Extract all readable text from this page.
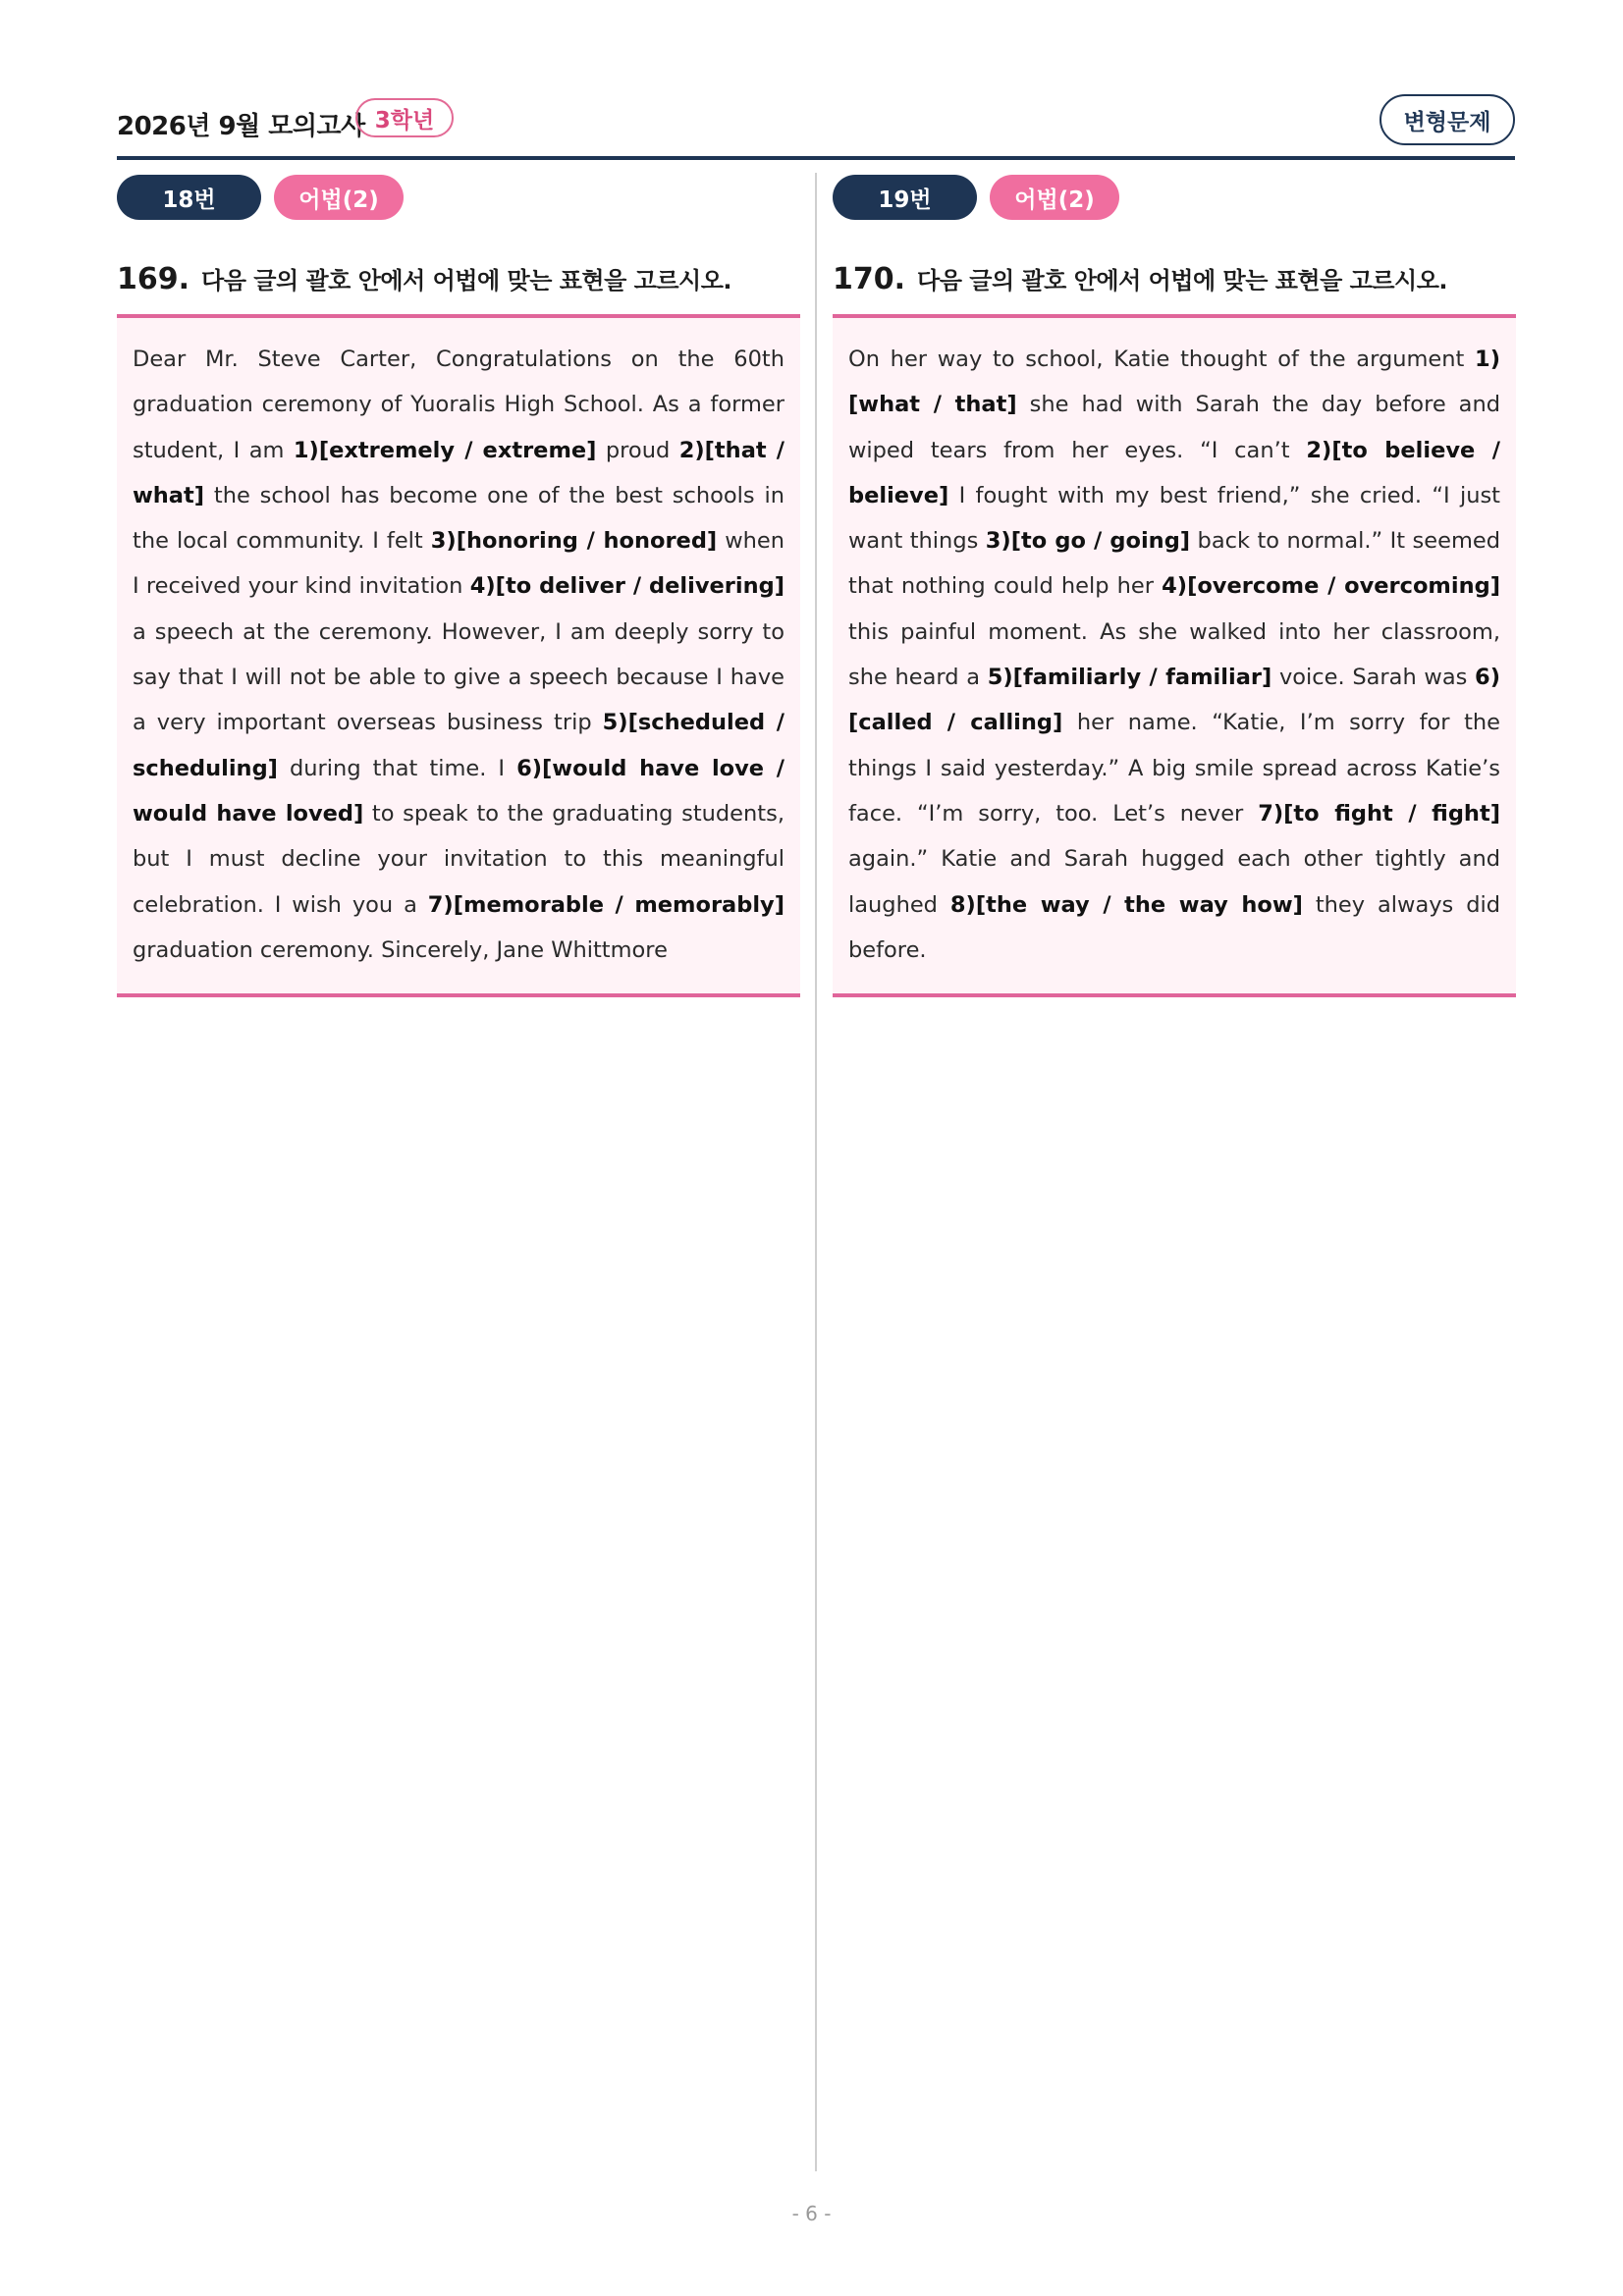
2026년 9월 모의고사 3학년	변형문제
18번	어법(2)
169. 다음 글의 괄호 안에서 어법에 맞는 표현을 고르시오.
Dear Mr. Steve Carter, Congratulations on the 60th graduation ceremony of Yuoralis High School. As a former student, I am 1)[extremely / extreme] proud 2)[that / what] the school has become one of the best schools in the local community. I felt 3)[honoring / honored] when I received your kind invitation 4)[to deliver / delivering] a speech at the ceremony. However, I am deeply sorry to say that I will not be able to give a speech because I have a very important overseas business trip 5)[scheduled / scheduling] during that time. I 6)[would have love / would have loved] to speak to the graduating students, but I must decline your invitation to this meaningful celebration. I wish you a 7)[memorable / memorably] graduation ceremony. Sincerely, Jane Whittmore
19번	어법(2)
170. 다음 글의 괄호 안에서 어법에 맞는 표현을 고르시오.
On her way to school, Katie thought of the argument 1)[what / that] she had with Sarah the day before and wiped tears from her eyes. “I can’t 2)[to believe / believe] I fought with my best friend,” she cried. “I just want things 3)[to go / going] back to normal.” It seemed that nothing could help her 4)[overcome / overcoming] this painful moment. As she walked into her classroom, she heard a 5)[familiarly / familiar] voice. Sarah was 6)[called / calling] her name. “Katie, I’m sorry for the things I said yesterday.” A big smile spread across Katie’s face. “I’m sorry, too. Let’s never 7)[to fight / fight] again.” Katie and Sarah hugged each other tightly and laughed 8)[the way / the way how] they always did before.
- 6 -
